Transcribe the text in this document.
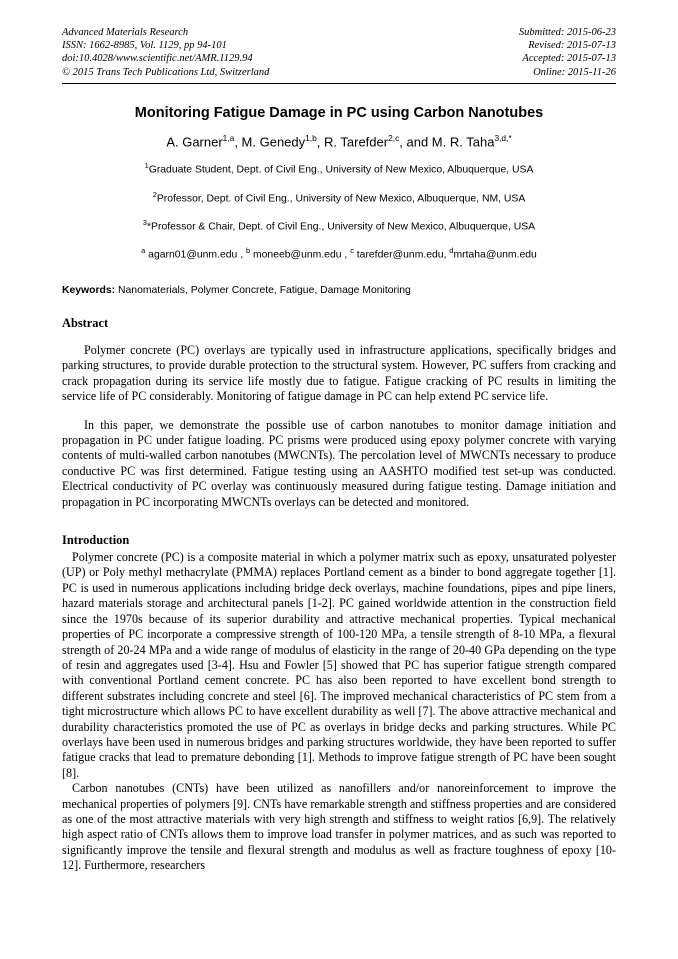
Advanced Materials Research
ISSN: 1662-8985, Vol. 1129, pp 94-101
doi:10.4028/www.scientific.net/AMR.1129.94
© 2015 Trans Tech Publications Ltd, Switzerland
Submitted: 2015-06-23
Revised: 2015-07-13
Accepted: 2015-07-13
Online: 2015-11-26
Monitoring Fatigue Damage in PC using Carbon Nanotubes
A. Garner$^{1,a}$, M. Genedy$^{1,b}$, R. Tarefder$^{2,c}$, and M. R. Taha$^{3,d,*}$
$^1$Graduate Student, Dept. of Civil Eng., University of New Mexico, Albuquerque, USA
$^2$Professor, Dept. of Civil Eng., University of New Mexico, Albuquerque, NM, USA
$^3$*Professor & Chair, Dept. of Civil Eng., University of New Mexico, Albuquerque, USA
$^a$ agarn01@unm.edu , $^b$ moneeb@unm.edu , $^c$ tarefder@unm.edu, $^d$mrtaha@unm.edu
Keywords: Nanomaterials, Polymer Concrete, Fatigue, Damage Monitoring
Abstract

Polymer concrete (PC) overlays are typically used in infrastructure applications, specifically bridges and parking structures, to provide durable protection to the structural system. However, PC suffers from cracking and crack propagation during its service life mostly due to fatigue. Fatigue cracking of PC results in limiting the service life of PC considerably. Monitoring of fatigue damage in PC can help extend PC service life.

In this paper, we demonstrate the possible use of carbon nanotubes to monitor damage initiation and propagation in PC under fatigue loading. PC prisms were produced using epoxy polymer concrete with varying contents of multi-walled carbon nanotubes (MWCNTs). The percolation level of MWCNTs necessary to produce conductive PC was first determined. Fatigue testing using an AASHTO modified test set-up was conducted. Electrical conductivity of PC overlay was continuously measured during fatigue testing. Damage initiation and propagation in PC incorporating MWCNTs overlays can be detected and monitored.

Introduction

Polymer concrete (PC) is a composite material in which a polymer matrix such as epoxy, unsaturated polyester (UP) or Poly methyl methacrylate (PMMA) replaces Portland cement as a binder to bond aggregate together [1]. PC is used in numerous applications including bridge deck overlays, machine foundations, pipes and pipe liners, hazard materials storage and architectural panels [1-2]. PC gained worldwide attention in the construction field since the 1970s because of its superior durability and attractive mechanical properties. Typical mechanical properties of PC incorporate a compressive strength of 100-120 MPa, a tensile strength of 8-10 MPa, a flexural strength of 20-24 MPa and a wide range of modulus of elasticity in the range of 20-40 GPa depending on the type of resin and aggregates used [3-4]. Hsu and Fowler [5] showed that PC has superior fatigue strength compared with conventional Portland cement concrete. PC has also been reported to have excellent bond strength to different substrates including concrete and steel [6]. The improved mechanical characteristics of PC stem from a tight microstructure which allows PC to have excellent durability as well [7]. The above attractive mechanical and durability characteristics promoted the use of PC as overlays in bridge decks and parking structures. While PC overlays have been used in numerous bridges and parking structures worldwide, they have been reported to suffer fatigue cracks that lead to premature debonding [1]. Methods to improve fatigue strength of PC have been sought [8].

Carbon nanotubes (CNTs) have been utilized as nanofillers and/or nanoreinforcement to improve the mechanical properties of polymers [9]. CNTs have remarkable strength and stiffness properties and are considered as one of the most attractive materials with very high strength and stiffness to weight ratios [6,9]. The relatively high aspect ratio of CNTs allows them to improve load transfer in polymer matrices, and as such was reported to significantly improve the tensile and flexural strength and modulus as well as fracture toughness of epoxy [10-12]. Furthermore, researchers
